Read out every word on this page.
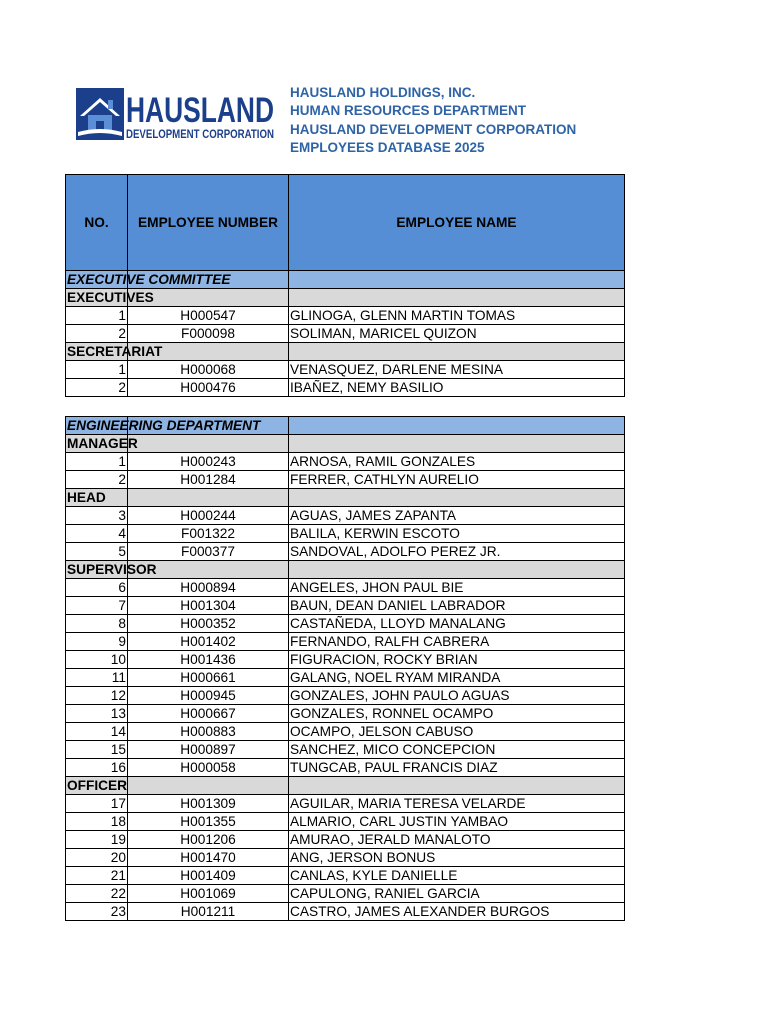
HAUSLAND
DEVELOPMENT CORPORATION
HAUSLAND HOLDINGS, INC.
HUMAN RESOURCES DEPARTMENT
HAUSLAND DEVELOPMENT CORPORATION
EMPLOYEES DATABASE 2025
NO.	EMPLOYEE NUMBER	EMPLOYEE NAME

EXECUTIVE COMMITTEE		

EXECUTIVES		

1	H000547	GLINOGA, GLENN MARTIN TOMAS
2	F000098	SOLIMAN, MARICEL QUIZON

SECRETARIAT		

1	H000068	VENASQUEZ, DARLENE MESINA
2	H000476	IBAÑEZ, NEMY BASILIO
ENGINEERING DEPARTMENT		

MANAGER		

1	H000243	ARNOSA, RAMIL GONZALES
2	H001284	FERRER, CATHLYN AURELIO

HEAD		

3	H000244	AGUAS, JAMES ZAPANTA
4	F001322	BALILA, KERWIN ESCOTO
5	F000377	SANDOVAL, ADOLFO PEREZ JR.

SUPERVISOR		

6	H000894	ANGELES, JHON PAUL BIE
7	H001304	BAUN, DEAN DANIEL LABRADOR
8	H000352	CASTAÑEDA, LLOYD MANALANG
9	H001402	FERNANDO, RALFH CABRERA
10	H001436	FIGURACION, ROCKY BRIAN
11	H000661	GALANG, NOEL RYAM MIRANDA
12	H000945	GONZALES, JOHN PAULO AGUAS
13	H000667	GONZALES, RONNEL OCAMPO
14	H000883	OCAMPO, JELSON CABUSO
15	H000897	SANCHEZ, MICO CONCEPCION
16	H000058	TUNGCAB, PAUL FRANCIS DIAZ

OFFICER		

17	H001309	AGUILAR, MARIA TERESA VELARDE
18	H001355	ALMARIO, CARL JUSTIN YAMBAO
19	H001206	AMURAO, JERALD MANALOTO
20	H001470	ANG, JERSON BONUS
21	H001409	CANLAS, KYLE DANIELLE
22	H001069	CAPULONG, RANIEL GARCIA
23	H001211	CASTRO, JAMES ALEXANDER BURGOS
